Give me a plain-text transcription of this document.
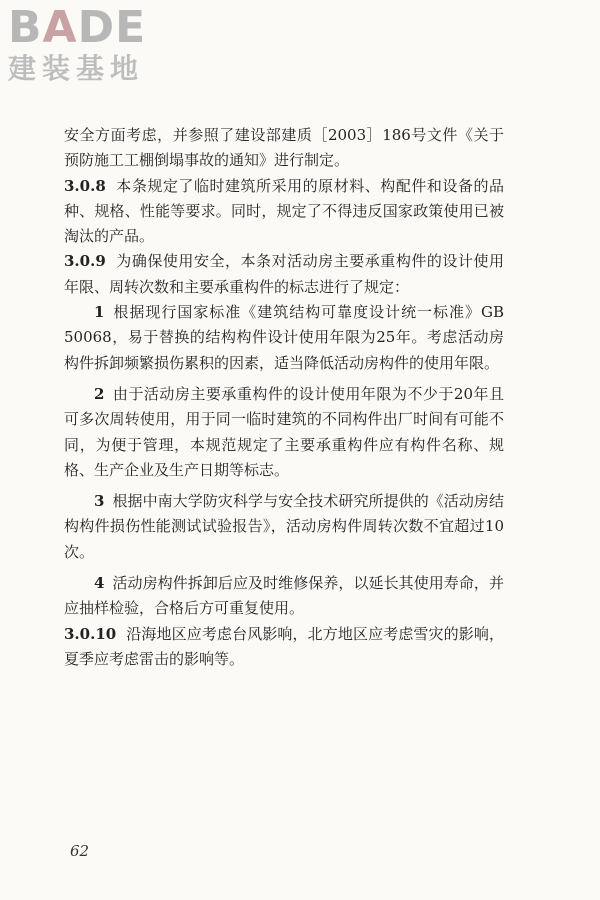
BADE
建装基地

安全方面考虑，并参照了建设部建质［2003］186号文件《关于预防施工工棚倒塌事故的通知》进行制定。

3.0.8 本条规定了临时建筑所采用的原材料、构配件和设备的品种、规格、性能等要求。同时，规定了不得违反国家政策使用已被淘汰的产品。

3.0.9 为确保使用安全，本条对活动房主要承重构件的设计使用年限、周转次数和主要承重构件的标志进行了规定：

1 根据现行国家标准《建筑结构可靠度设计统一标准》GB 50068，易于替换的结构构件设计使用年限为25年。考虑活动房构件拆卸频繁损伤累积的因素，适当降低活动房构件的使用年限。

2 由于活动房主要承重构件的设计使用年限为不少于20年且可多次周转使用，用于同一临时建筑的不同构件出厂时间有可能不同，为便于管理，本规范规定了主要承重构件应有构件名称、规格、生产企业及生产日期等标志。

3 根据中南大学防灾科学与安全技术研究所提供的《活动房结构构件损伤性能测试试验报告》，活动房构件周转次数不宜超过10次。

4 活动房构件拆卸后应及时维修保养，以延长其使用寿命，并应抽样检验，合格后方可重复使用。

3.0.10 沿海地区应考虑台风影响，北方地区应考虑雪灾的影响，夏季应考虑雷击的影响等。

62
